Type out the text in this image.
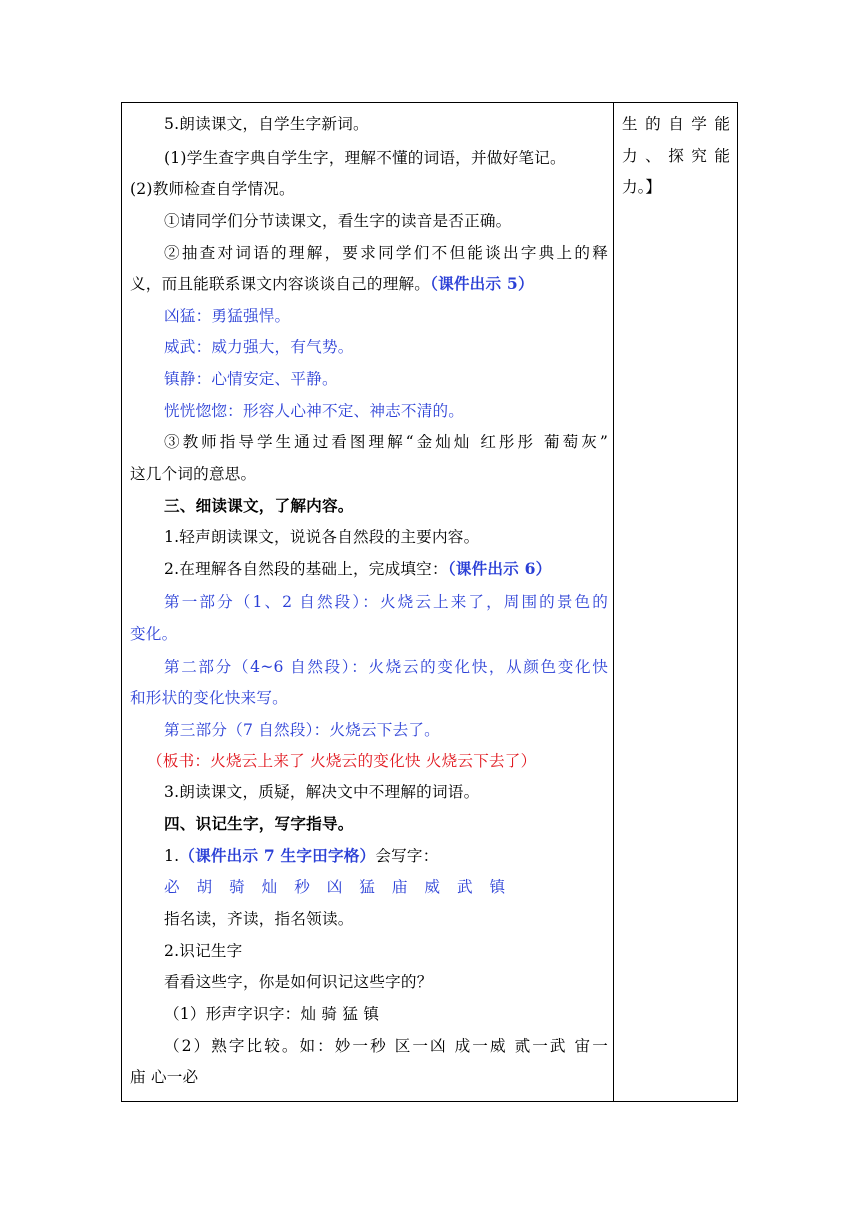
5.朗读课文，自学生字新词。
(1)学生查字典自学生字，理解不懂的词语，并做好笔记。
(2)教师检查自学情况。
①请同学们分节读课文，看生字的读音是否正确。
②抽查对词语的理解，要求同学们不但能谈出字典上的释
义，而且能联系课文内容谈谈自己的理解。（课件出示 5）
凶猛：勇猛强悍。
威武：威力强大，有气势。
镇静：心情安定、平静。
恍恍惚惚：形容人心神不定、神志不清的。
③教师指导学生通过看图理解“金灿灿 红彤彤 葡萄灰”
这几个词的意思。
三、细读课文，了解内容。
1.轻声朗读课文，说说各自然段的主要内容。
2.在理解各自然段的基础上，完成填空：（课件出示 6）
第一部分（1、2 自然段）：火烧云上来了，周围的景色的
变化。
第二部分（4~6 自然段）：火烧云的变化快，从颜色变化快
和形状的变化快来写。
第三部分（7 自然段）：火烧云下去了。
（板书：火烧云上来了 火烧云的变化快 火烧云下去了）
3.朗读课文，质疑，解决文中不理解的词语。
四、识记生字，写字指导。
1.（课件出示 7 生字田字格）会写字：
必 胡 骑 灿 秒 凶 猛 庙 威 武 镇
指名读，齐读，指名领读。
2.识记生字
看看这些字，你是如何识记这些字的？
（1）形声字识字：灿 骑 猛 镇
（2）熟字比较。如：妙一秒 区一凶 成一威 贰一武 宙一
庙 心一必
生的自学能
力、探究能
力。】
